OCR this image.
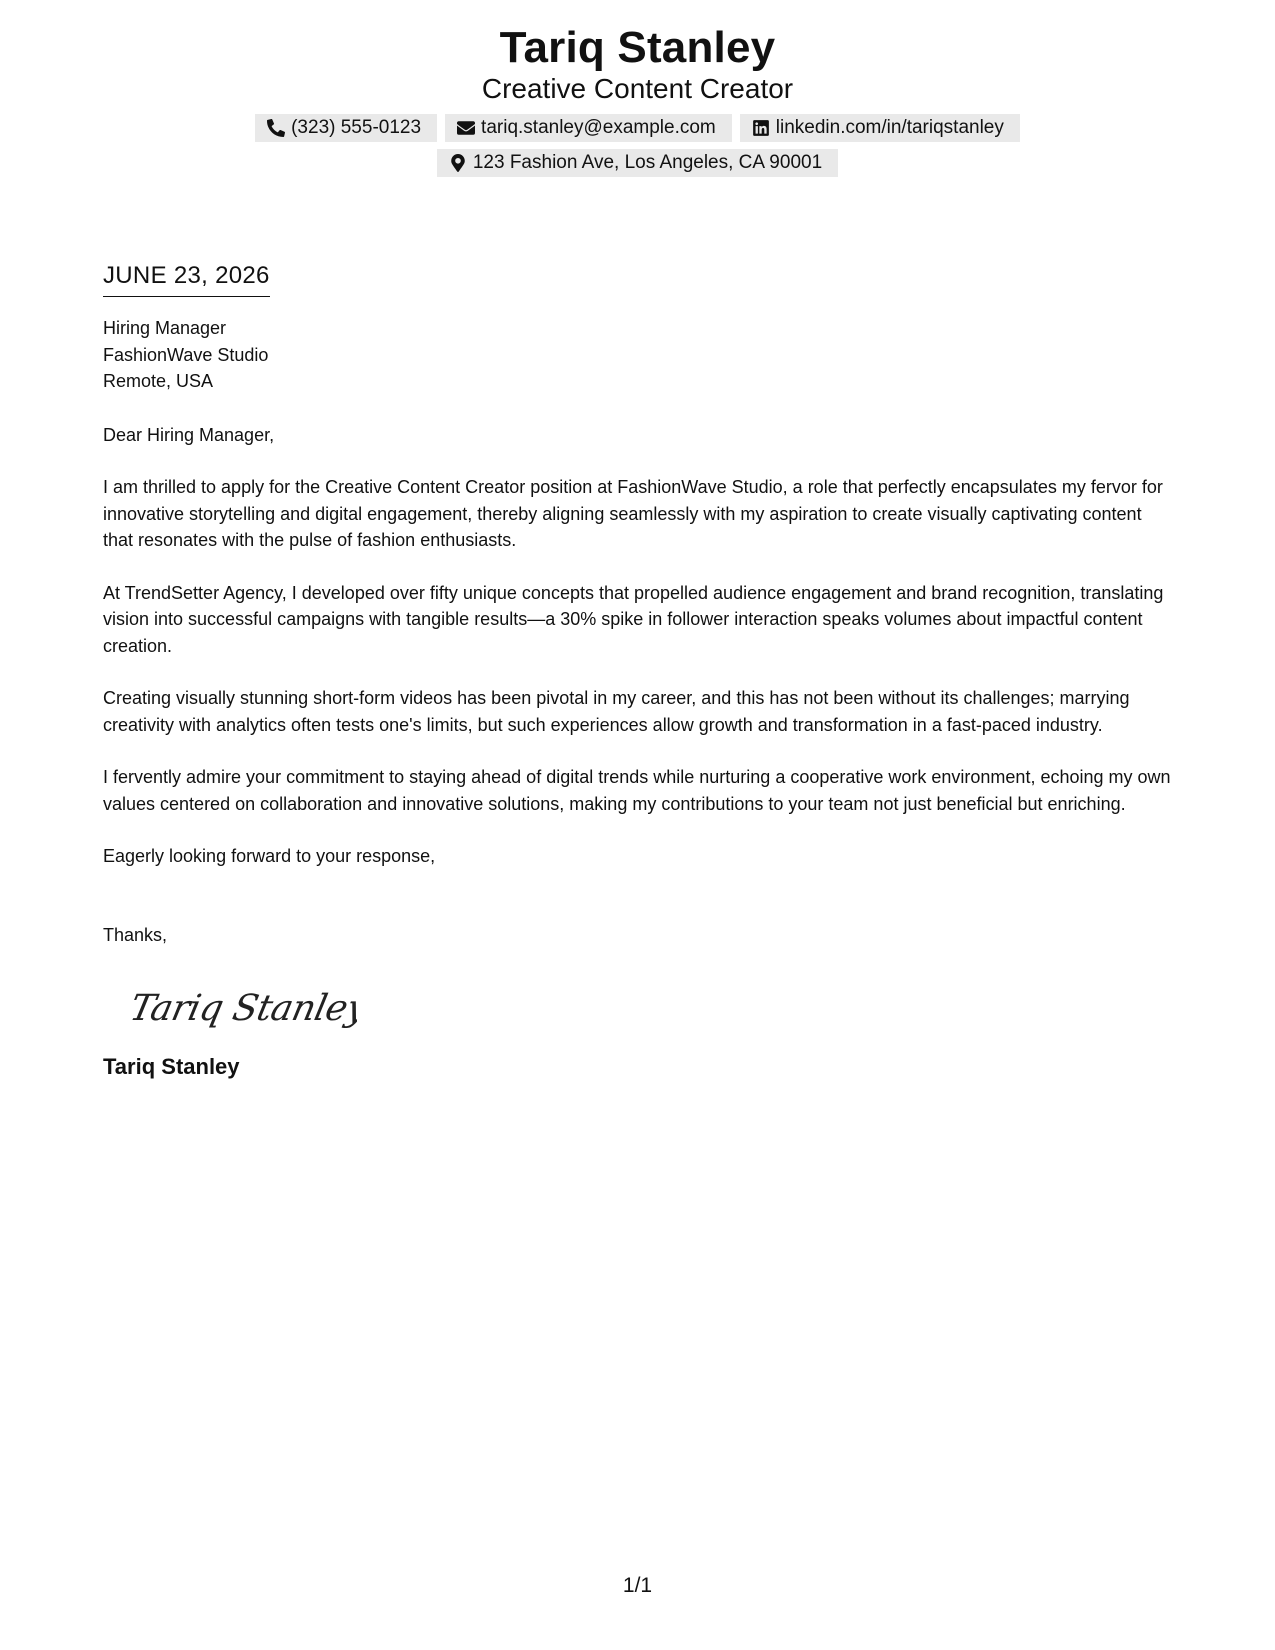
Tariq Stanley
Creative Content Creator
(323) 555-0123	tariq.stanley@example.com	linkedin.com/in/tariqstanley
123 Fashion Ave, Los Angeles, CA 90001
JUNE 23, 2026
Hiring Manager
FashionWave Studio
Remote, USA
Dear Hiring Manager,
I am thrilled to apply for the Creative Content Creator position at FashionWave Studio, a role that perfectly encapsulates my fervor for innovative storytelling and digital engagement, thereby aligning seamlessly with my aspiration to create visually captivating content that resonates with the pulse of fashion enthusiasts.
At TrendSetter Agency, I developed over fifty unique concepts that propelled audience engagement and brand recognition, translating vision into successful campaigns with tangible results—a 30% spike in follower interaction speaks volumes about impactful content creation.
Creating visually stunning short-form videos has been pivotal in my career, and this has not been without its challenges; marrying creativity with analytics often tests one's limits, but such experiences allow growth and transformation in a fast-paced industry.
I fervently admire your commitment to staying ahead of digital trends while nurturing a cooperative work environment, echoing my own values centered on collaboration and innovative solutions, making my contributions to your team not just beneficial but enriching.
Eagerly looking forward to your response,
Thanks,
Tariq Stanley
Tariq Stanley
1/1
